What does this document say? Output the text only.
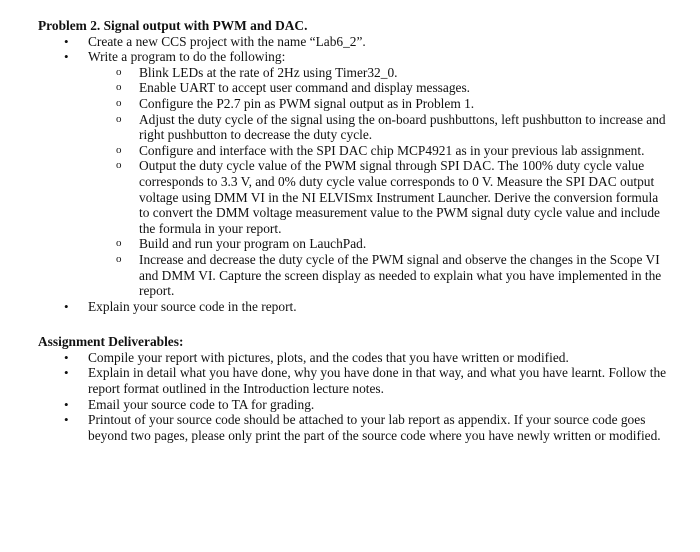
Problem 2. Signal output with PWM and DAC.
• Create a new CCS project with the name “Lab6_2”.
• Write a program to do the following:
o Blink LEDs at the rate of 2Hz using Timer32_0.
o Enable UART to accept user command and display messages.
o Configure the P2.7 pin as PWM signal output as in Problem 1.
o Adjust the duty cycle of the signal using the on-board pushbuttons, left pushbutton to increase and right pushbutton to decrease the duty cycle.
o Configure and interface with the SPI DAC chip MCP4921 as in your previous lab assignment.
o Output the duty cycle value of the PWM signal through SPI DAC. The 100% duty cycle value corresponds to 3.3 V, and 0% duty cycle value corresponds to 0 V. Measure the SPI DAC output voltage using DMM VI in the NI ELVISmx Instrument Launcher. Derive the conversion formula to convert the DMM voltage measurement value to the PWM signal duty cycle value and include the formula in your report.
o Build and run your program on LauchPad.
o Increase and decrease the duty cycle of the PWM signal and observe the changes in the Scope VI and DMM VI. Capture the screen display as needed to explain what you have implemented in the report.
• Explain your source code in the report.
Assignment Deliverables:
• Compile your report with pictures, plots, and the codes that you have written or modified.
• Explain in detail what you have done, why you have done in that way, and what you have learnt. Follow the report format outlined in the Introduction lecture notes.
• Email your source code to TA for grading.
• Printout of your source code should be attached to your lab report as appendix. If your source code goes beyond two pages, please only print the part of the source code where you have newly written or modified.
